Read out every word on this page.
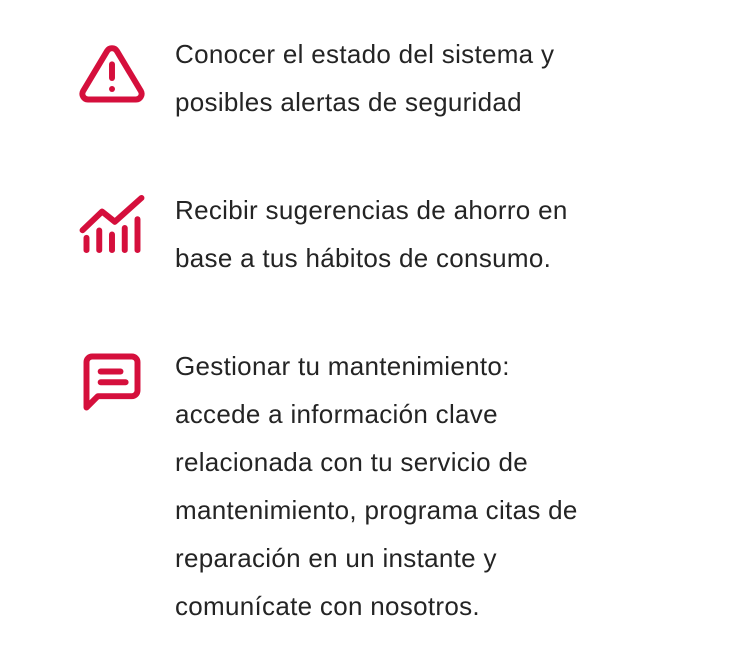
Conocer el estado del sistema y
posibles alertas de seguridad
Recibir sugerencias de ahorro en
base a tus hábitos de consumo.
Gestionar tu mantenimiento:
accede a información clave
relacionada con tu servicio de
mantenimiento, programa citas de
reparación en un instante y
comunícate con nosotros.
